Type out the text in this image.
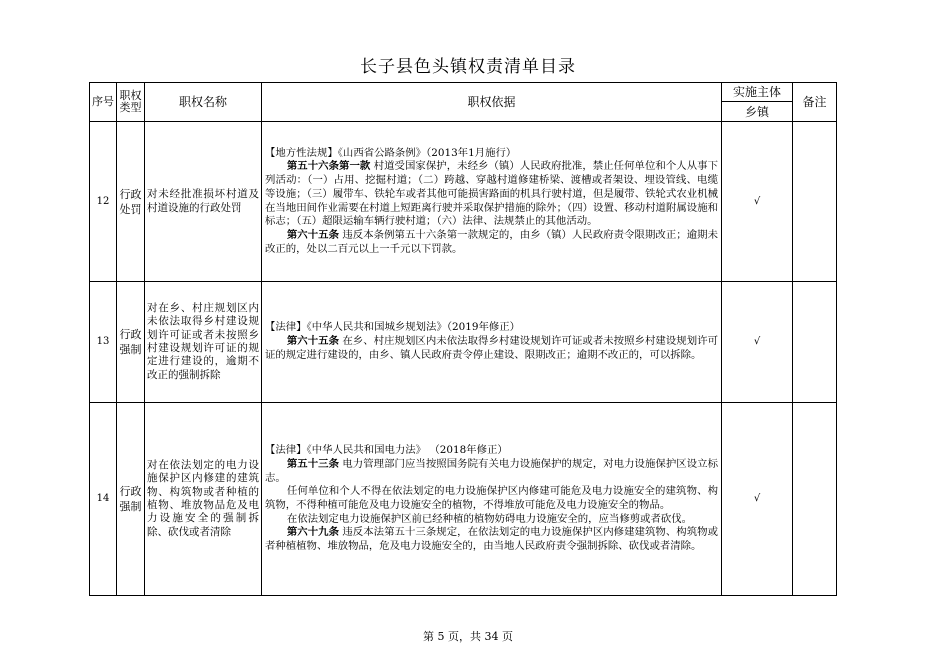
长子县色头镇权责清单目录
序号	职权类型	职权名称	职权依据	实施主体	备注
				乡镇	
12	行政处罚	对未经批准损坏村道及村道设施的行政处罚	【地方性法规】《山西省公路条例》（2013年1月施行）

第五十六条第一款 村道受国家保护，未经乡（镇）人民政府批准，禁止任何单位和个人从事下列活动：（一）占用、挖掘村道；（二）跨越、穿越村道修建桥梁、渡槽或者架设、埋设管线、电缆等设施；（三）履带车、铁轮车或者其他可能损害路面的机具行驶村道，但是履带、铁轮式农业机械在当地田间作业需要在村道上短距离行驶并采取保护措施的除外；（四）设置、移动村道附属设施和标志；（五）超限运输车辆行驶村道；（六）法律、法规禁止的其他活动。

第六十五条 违反本条例第五十六条第一款规定的，由乡（镇）人民政府责令限期改正；逾期未改正的，处以二百元以上一千元以下罚款。	√	
13	行政强制	对在乡、村庄规划区内未依法取得乡村建设规划许可证或者未按照乡村建设规划许可证的规定进行建设的，逾期不改正的强制拆除	【法律】《中华人民共和国城乡规划法》（2019年修正）

第六十五条 在乡、村庄规划区内未依法取得乡村建设规划许可证或者未按照乡村建设规划许可证的规定进行建设的，由乡、镇人民政府责令停止建设、限期改正；逾期不改正的，可以拆除。	√	
14	行政强制	对在依法划定的电力设施保护区内修建的建筑物、构筑物或者种植的植物、堆放物品危及电力设施安全的强制拆除、砍伐或者清除	【法律】《中华人民共和国电力法》 （2018年修正）

第五十三条 电力管理部门应当按照国务院有关电力设施保护的规定，对电力设施保护区设立标志。

任何单位和个人不得在依法划定的电力设施保护区内修建可能危及电力设施安全的建筑物、构筑物，不得种植可能危及电力设施安全的植物，不得堆放可能危及电力设施安全的物品。

在依法划定电力设施保护区前已经种植的植物妨碍电力设施安全的，应当修剪或者砍伐。

第六十九条 违反本法第五十三条规定，在依法划定的电力设施保护区内修建建筑物、构筑物或者种植植物、堆放物品，危及电力设施安全的，由当地人民政府责令强制拆除、砍伐或者清除。	√	
第 5 页，共 34 页
